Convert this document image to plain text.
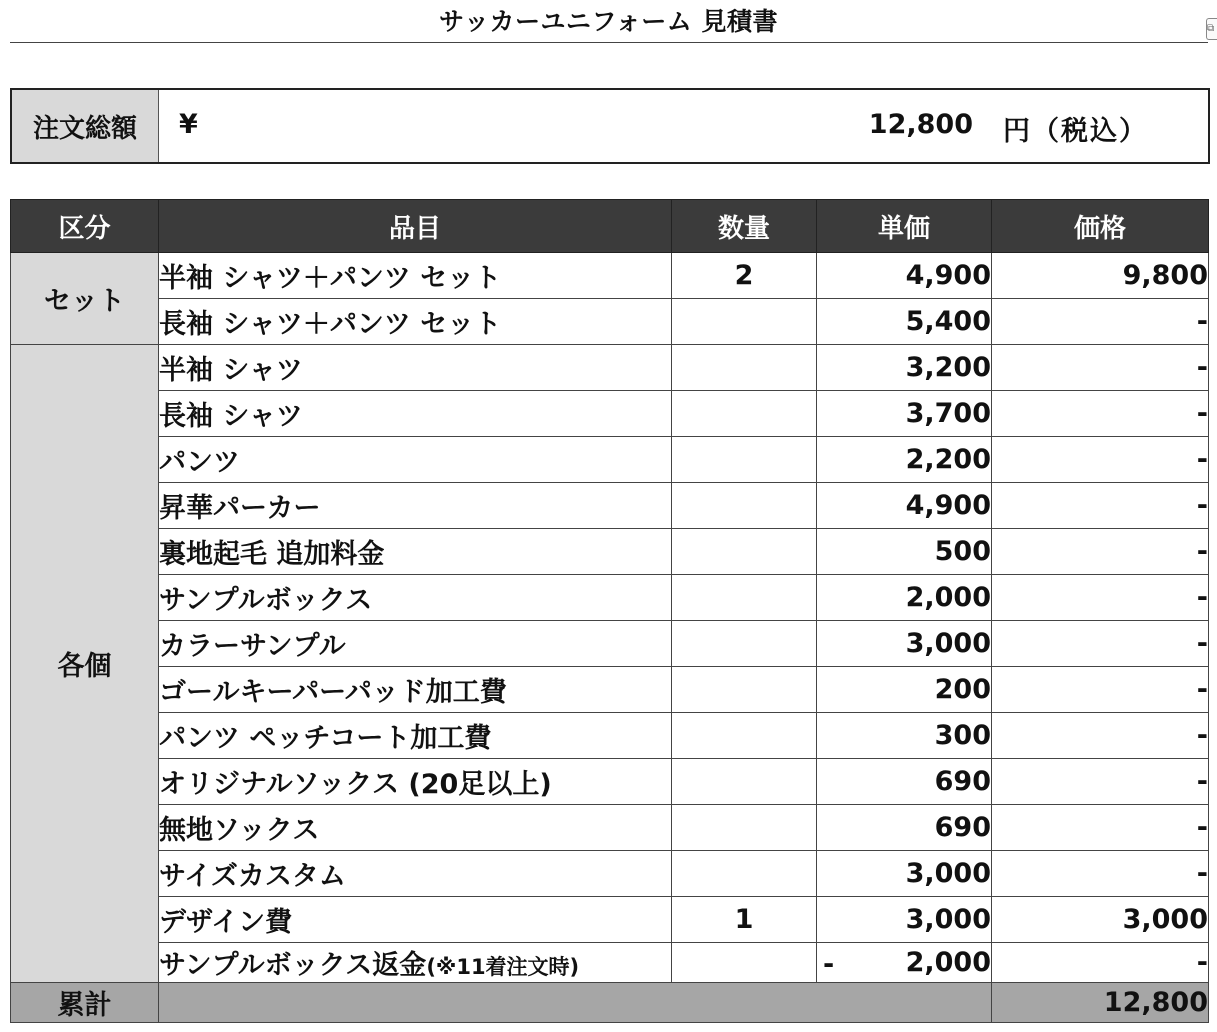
サッカーユニフォーム 見積書	⧉
注文総額	¥	12,800 円（税込）
区分	品目	数量	単価	価格
セット	半袖 シャツ＋パンツ セット	2	4,900	9,800
	長袖 シャツ＋パンツ セット		5,400	-
各個	半袖 シャツ		3,200	-
	長袖 シャツ		3,700	-
	パンツ		2,200	-
	昇華パーカー		4,900	-
	裏地起毛 追加料金		500	-
	サンプルボックス		2,000	-
	カラーサンプル		3,000	-
	ゴールキーパーパッド加工費		200	-
	パンツ ペッチコート加工費		300	-
	オリジナルソックス (20足以上)		690	-
	無地ソックス		690	-
	サイズカスタム		3,000	-
	デザイン費	1	3,000	3,000
	サンプルボックス返金(※11着注文時)		- 2,000	-
累計				12,800
